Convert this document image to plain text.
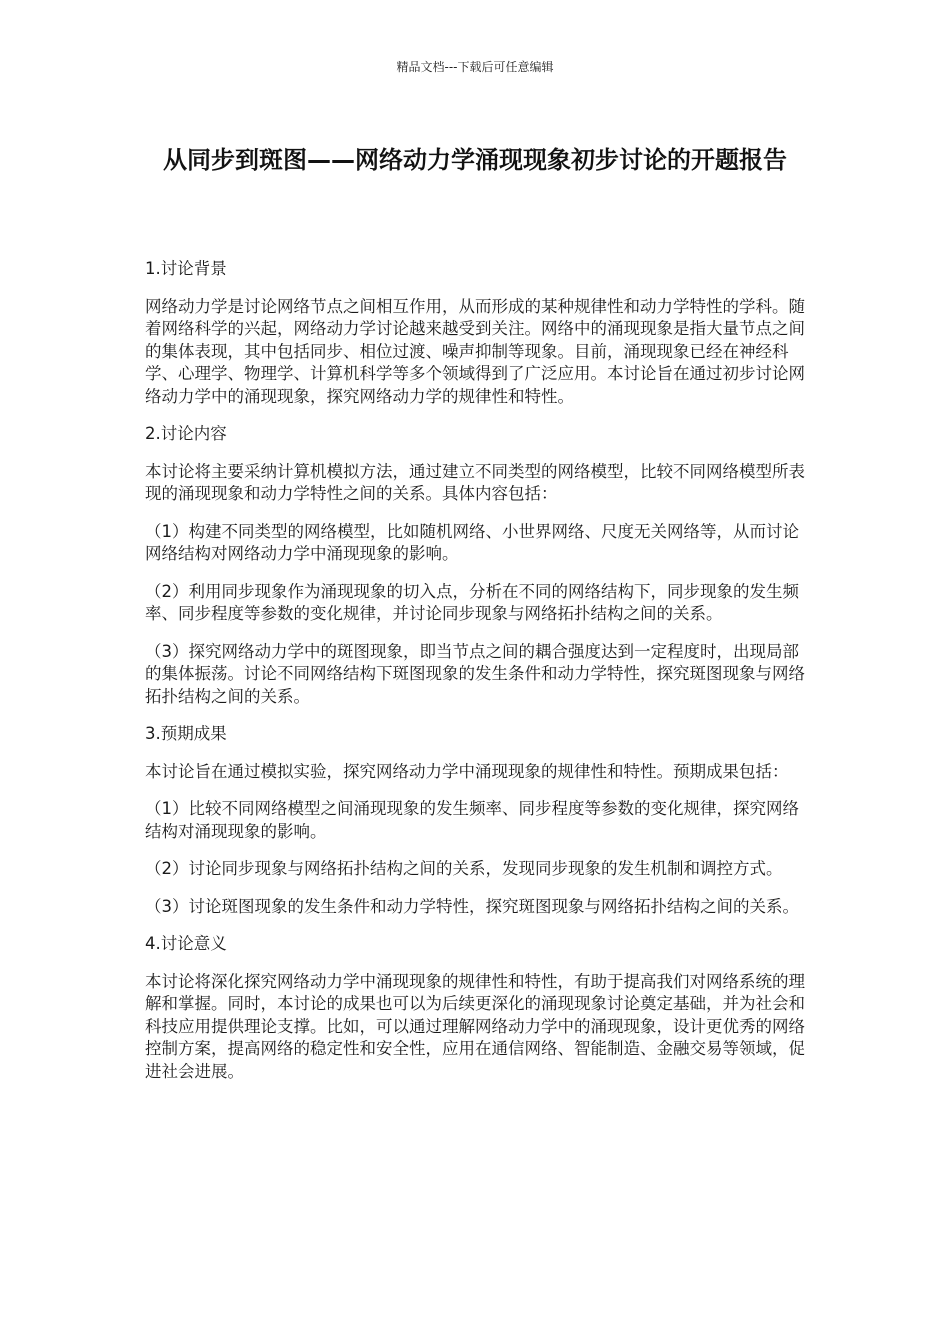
精品文档---下载后可任意编辑
从同步到斑图——网络动力学涌现现象初步讨论的开题报告

1.讨论背景

网络动力学是讨论网络节点之间相互作用，从而形成的某种规律性和动力学特性的学科。随着网络科学的兴起，网络动力学讨论越来越受到关注。网络中的涌现现象是指大量节点之间的集体表现，其中包括同步、相位过渡、噪声抑制等现象。目前，涌现现象已经在神经科学、心理学、物理学、计算机科学等多个领域得到了广泛应用。本讨论旨在通过初步讨论网络动力学中的涌现现象，探究网络动力学的规律性和特性。

2.讨论内容

本讨论将主要采纳计算机模拟方法，通过建立不同类型的网络模型，比较不同网络模型所表现的涌现现象和动力学特性之间的关系。具体内容包括：

（1）构建不同类型的网络模型，比如随机网络、小世界网络、尺度无关网络等，从而讨论网络结构对网络动力学中涌现现象的影响。

（2）利用同步现象作为涌现现象的切入点，分析在不同的网络结构下，同步现象的发生频率、同步程度等参数的变化规律，并讨论同步现象与网络拓扑结构之间的关系。

（3）探究网络动力学中的斑图现象，即当节点之间的耦合强度达到一定程度时，出现局部的集体振荡。讨论不同网络结构下斑图现象的发生条件和动力学特性，探究斑图现象与网络拓扑结构之间的关系。

3.预期成果

本讨论旨在通过模拟实验，探究网络动力学中涌现现象的规律性和特性。预期成果包括：

（1）比较不同网络模型之间涌现现象的发生频率、同步程度等参数的变化规律，探究网络结构对涌现现象的影响。

（2）讨论同步现象与网络拓扑结构之间的关系，发现同步现象的发生机制和调控方式。

（3）讨论斑图现象的发生条件和动力学特性，探究斑图现象与网络拓扑结构之间的关系。

4.讨论意义

本讨论将深化探究网络动力学中涌现现象的规律性和特性，有助于提高我们对网络系统的理解和掌握。同时，本讨论的成果也可以为后续更深化的涌现现象讨论奠定基础，并为社会和科技应用提供理论支撑。比如，可以通过理解网络动力学中的涌现现象，设计更优秀的网络控制方案，提高网络的稳定性和安全性，应用在通信网络、智能制造、金融交易等领域，促进社会进展。
